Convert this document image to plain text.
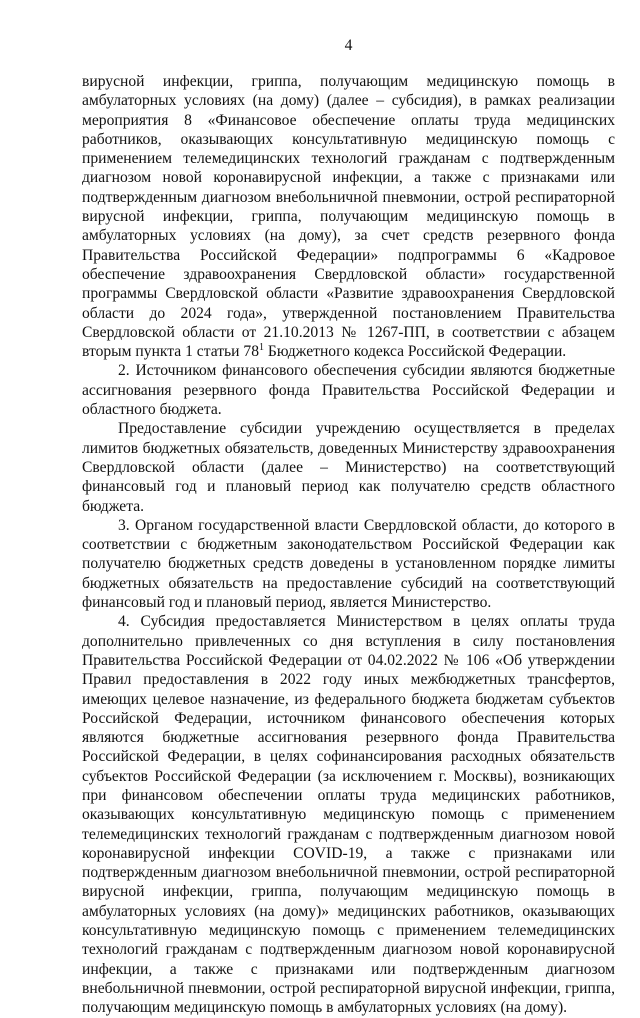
4

вирусной инфекции, гриппа, получающим медицинскую помощь в амбулаторных условиях (на дому) (далее – субсидия), в рамках реализации мероприятия 8 «Финансовое обеспечение оплаты труда медицинских работников, оказывающих консультативную медицинскую помощь с применением телемедицинских технологий гражданам с подтвержденным диагнозом новой коронавирусной инфекции, а также с признаками или подтвержденным диагнозом внебольничной пневмонии, острой респираторной вирусной инфекции, гриппа, получающим медицинскую помощь в амбулаторных условиях (на дому), за счет средств резервного фонда Правительства Российской Федерации» подпрограммы 6 «Кадровое обеспечение здравоохранения Свердловской области» государственной программы Свердловской области «Развитие здравоохранения Свердловской области до 2024 года», утвержденной постановлением Правительства Свердловской области от 21.10.2013 № 1267-ПП, в соответствии с абзацем вторым пункта 1 статьи $78^1$ Бюджетного кодекса Российской Федерации.

2. Источником финансового обеспечения субсидии являются бюджетные ассигнования резервного фонда Правительства Российской Федерации и областного бюджета.

Предоставление субсидии учреждению осуществляется в пределах лимитов бюджетных обязательств, доведенных Министерству здравоохранения Свердловской области (далее – Министерство) на соответствующий финансовый год и плановый период как получателю средств областного бюджета.

3. Органом государственной власти Свердловской области, до которого в соответствии с бюджетным законодательством Российской Федерации как получателю бюджетных средств доведены в установленном порядке лимиты бюджетных обязательств на предоставление субсидий на соответствующий финансовый год и плановый период, является Министерство.

4. Субсидия предоставляется Министерством в целях оплаты труда дополнительно привлеченных со дня вступления в силу постановления Правительства Российской Федерации от 04.02.2022 № 106 «Об утверждении Правил предоставления в 2022 году иных межбюджетных трансфертов, имеющих целевое назначение, из федерального бюджета бюджетам субъектов Российской Федерации, источником финансового обеспечения которых являются бюджетные ассигнования резервного фонда Правительства Российской Федерации, в целях софинансирования расходных обязательств субъектов Российской Федерации (за исключением г. Москвы), возникающих при финансовом обеспечении оплаты труда медицинских работников, оказывающих консультативную медицинскую помощь с применением телемедицинских технологий гражданам с подтвержденным диагнозом новой коронавирусной инфекции COVID-19, а также с признаками или подтвержденным диагнозом внебольничной пневмонии, острой респираторной вирусной инфекции, гриппа, получающим медицинскую помощь в амбулаторных условиях (на дому)» медицинских работников, оказывающих консультативную медицинскую помощь с применением телемедицинских технологий гражданам с подтвержденным диагнозом новой коронавирусной инфекции, а также с признаками или подтвержденным диагнозом внебольничной пневмонии, острой респираторной вирусной инфекции, гриппа, получающим медицинскую помощь в амбулаторных условиях (на дому).
